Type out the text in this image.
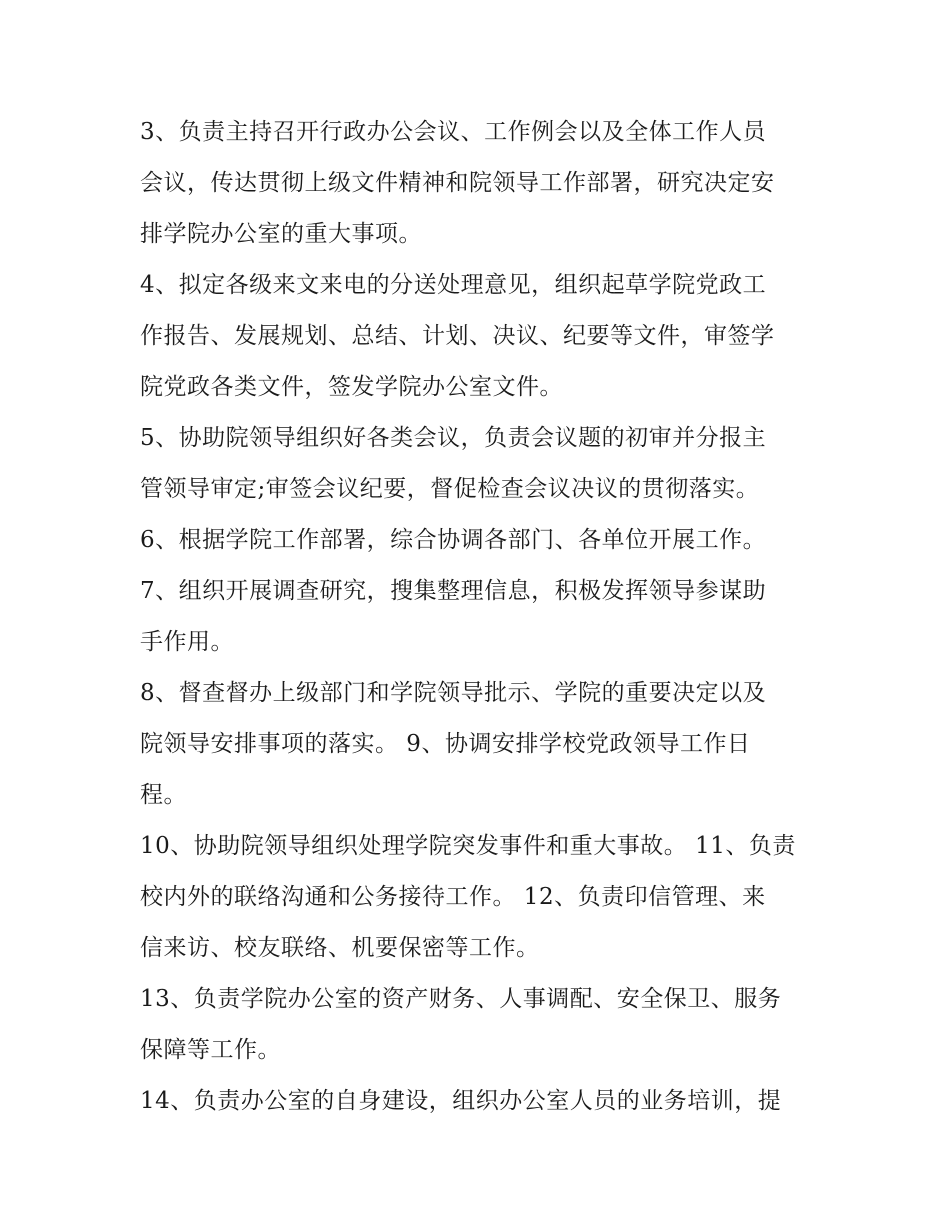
3、负责主持召开行政办公会议、工作例会以及全体工作人员
会议，传达贯彻上级文件精神和院领导工作部署，研究决定安
排学院办公室的重大事项。

4、拟定各级来文来电的分送处理意见，组织起草学院党政工
作报告、发展规划、总结、计划、决议、纪要等文件，审签学
院党政各类文件，签发学院办公室文件。

5、协助院领导组织好各类会议，负责会议题的初审并分报主
管领导审定;审签会议纪要，督促检查会议决议的贯彻落实。

6、根据学院工作部署，综合协调各部门、各单位开展工作。

7、组织开展调查研究，搜集整理信息，积极发挥领导参谋助
手作用。

8、督查督办上级部门和学院领导批示、学院的重要决定以及
院领导安排事项的落实。 9、协调安排学校党政领导工作日
程。

10、协助院领导组织处理学院突发事件和重大事故。 11、负责
校内外的联络沟通和公务接待工作。 12、负责印信管理、来
信来访、校友联络、机要保密等工作。

13、负责学院办公室的资产财务、人事调配、安全保卫、服务
保障等工作。

14、负责办公室的自身建设，组织办公室人员的业务培训，提
